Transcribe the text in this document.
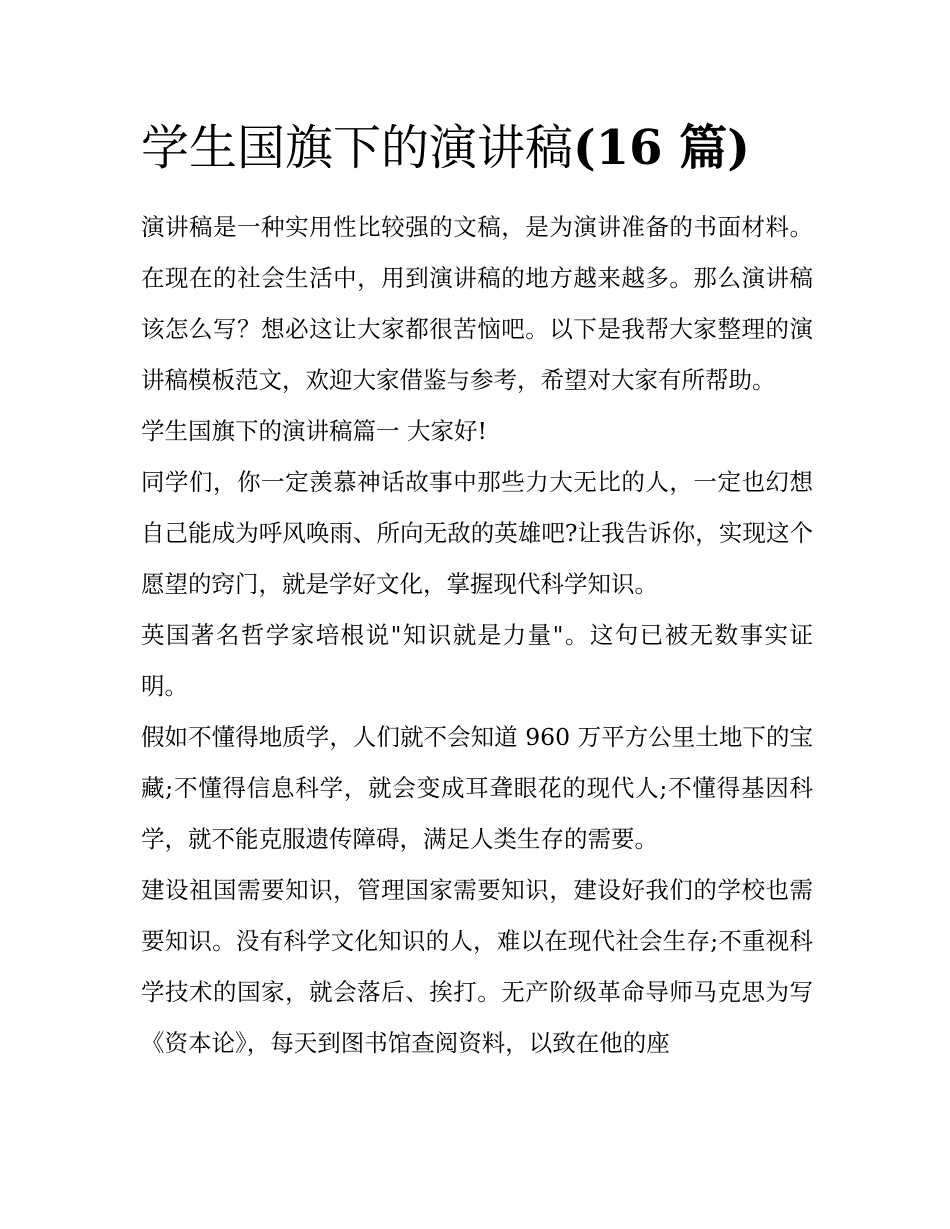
学生国旗下的演讲稿(16 篇)

演讲稿是一种实用性比较强的文稿，是为演讲准备的书面材料。在现在的社会生活中，用到演讲稿的地方越来越多。那么演讲稿该怎么写？想必这让大家都很苦恼吧。以下是我帮大家整理的演讲稿模板范文，欢迎大家借鉴与参考，希望对大家有所帮助。

学生国旗下的演讲稿篇一 大家好!

同学们，你一定羡慕神话故事中那些力大无比的人，一定也幻想自己能成为呼风唤雨、所向无敌的英雄吧?让我告诉你，实现这个愿望的窍门，就是学好文化，掌握现代科学知识。

英国著名哲学家培根说"知识就是力量"。这句已被无数事实证明。

假如不懂得地质学，人们就不会知道 960 万平方公里土地下的宝藏;不懂得信息科学，就会变成耳聋眼花的现代人;不懂得基因科学，就不能克服遗传障碍，满足人类生存的需要。

建设祖国需要知识，管理国家需要知识，建设好我们的学校也需要知识。没有科学文化知识的人，难以在现代社会生存;不重视科学技术的国家，就会落后、挨打。无产阶级革命导师马克思为写《资本论》，每天到图书馆查阅资料，以致在他的座
